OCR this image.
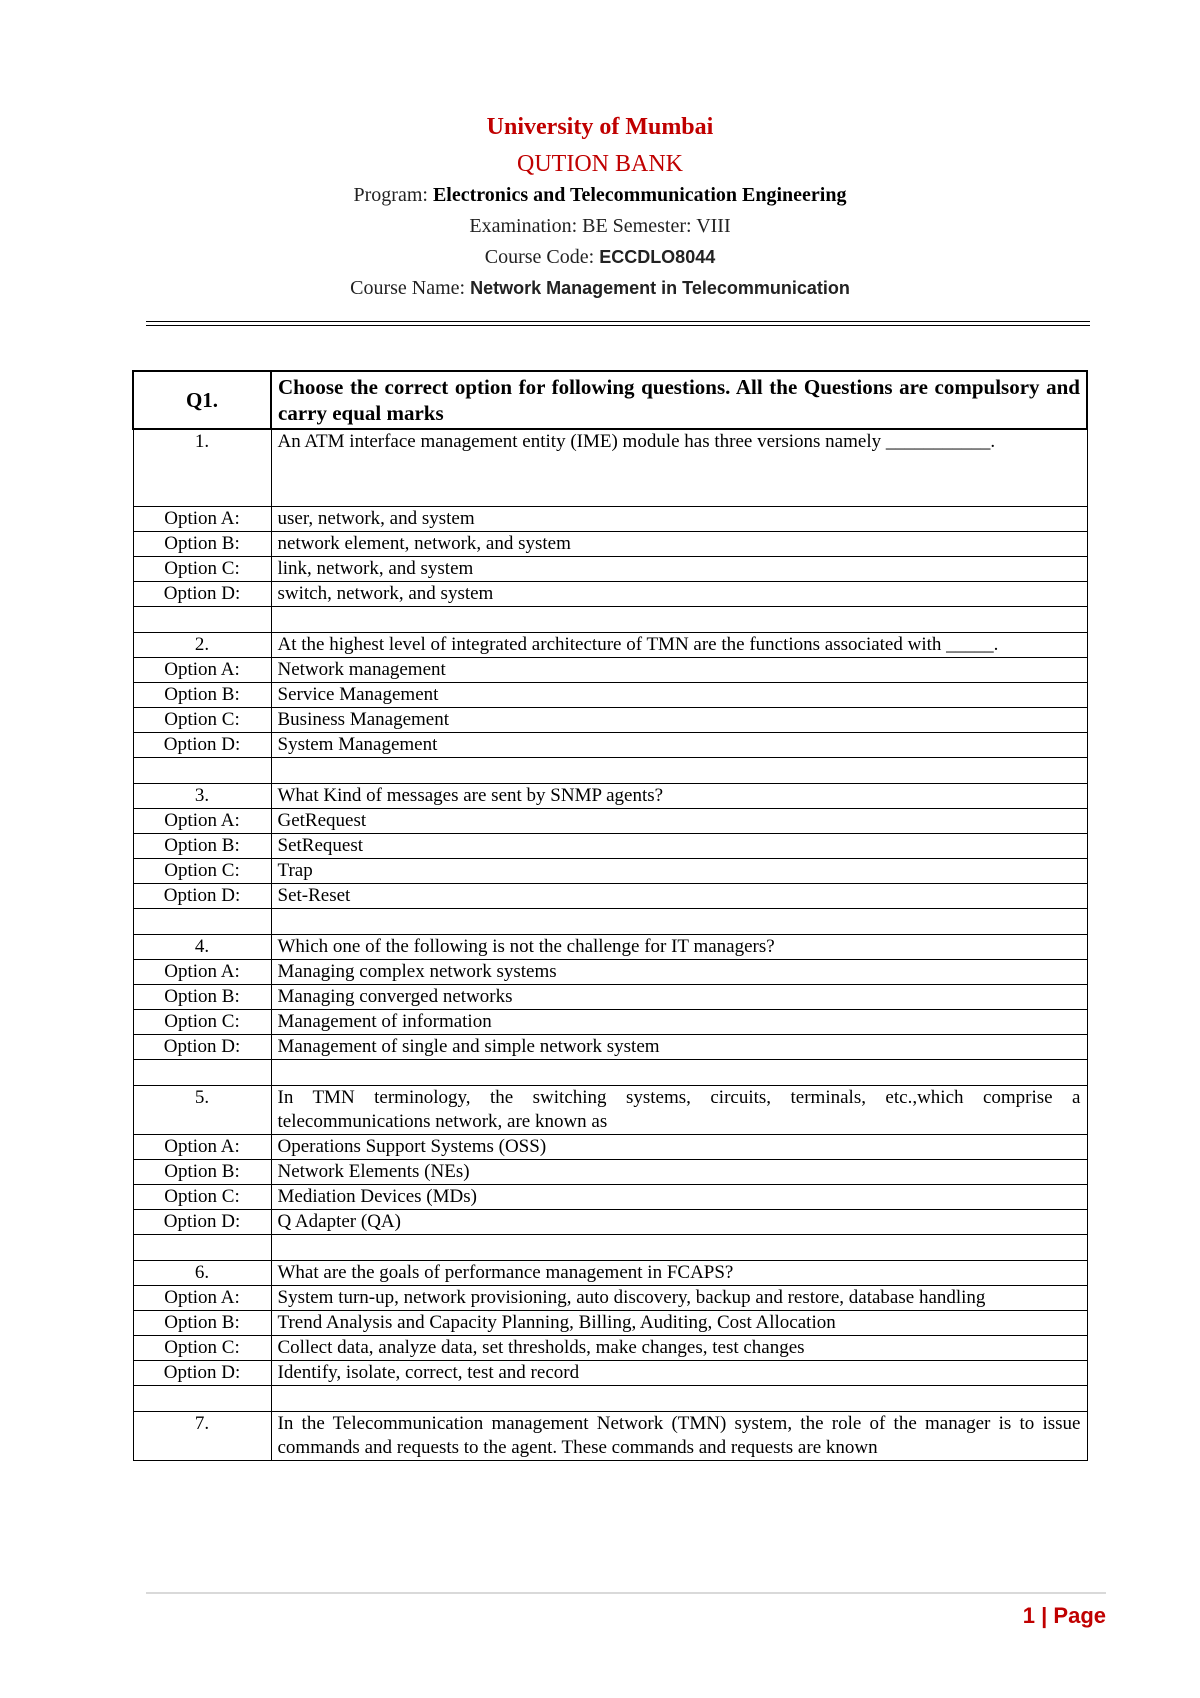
University of Mumbai
QUTION BANK
Program: Electronics and Telecommunication Engineering
Examination: BE Semester: VIII
Course Code: ECCDLO8044
Course Name: Network Management in Telecommunication
Q1.	Choose the correct option for following questions. All the Questions are compulsory and carry equal marks
1.	An ATM interface management entity (IME) module has three versions namely ___________.
Option A:	user, network, and system
Option B:	network element, network, and system
Option C:	link, network, and system
Option D:	switch, network, and system

2.	At the highest level of integrated architecture of TMN are the functions associated with _____.
Option A:	Network management
Option B:	Service Management
Option C:	Business Management
Option D:	System Management

3.	What Kind of messages are sent by SNMP agents?
Option A:	GetRequest
Option B:	SetRequest
Option C:	Trap
Option D:	Set-Reset

4.	Which one of the following is not the challenge for IT managers?
Option A:	Managing complex network systems
Option B:	Managing converged networks
Option C:	Management of information
Option D:	Management of single and simple network system

5.	In TMN terminology, the switching systems, circuits, terminals, etc.,which comprise a telecommunications network, are known as
Option A:	Operations Support Systems (OSS)
Option B:	Network Elements (NEs)
Option C:	Mediation Devices (MDs)
Option D:	Q Adapter (QA)

6.	What are the goals of performance management in FCAPS?
Option A:	System turn-up, network provisioning, auto discovery, backup and restore, database handling
Option B:	Trend Analysis and Capacity Planning, Billing, Auditing, Cost Allocation
Option C:	Collect data, analyze data, set thresholds, make changes, test changes
Option D:	Identify, isolate, correct, test and record

7.	In the Telecommunication management Network (TMN) system, the role of the manager is to issue commands and requests to the agent. These commands and requests are known
1 | Page
